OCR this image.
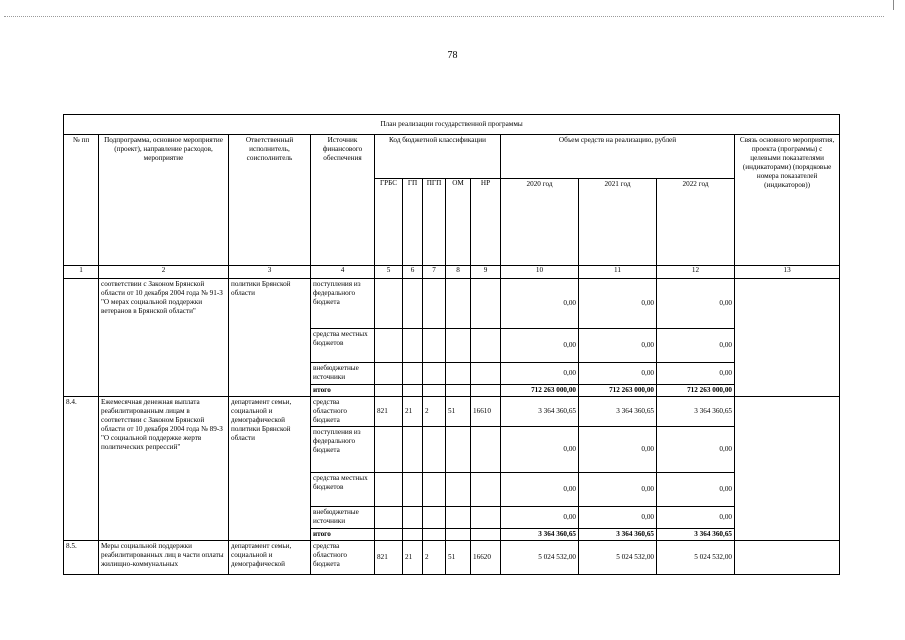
78
План реализации государственной программы												
№ пп	Подпрограмма, основное мероприятие (проект), направление расходов, мероприятие	Ответственный исполнитель, соисполнитель	Источник финансового обеспечения	Код бюджетной классификации					Объем средств на реализацию, рублей			Связь основного мероприятия, проекта (программы) с целевыми показателями (индикаторами) (порядковые номера показателей (индикаторов))
				ГРБС	ГП	ПГП	ОМ	НР	2020 год	2021 год	2022 год	
1	2	3	4	5	6	7	8	9	10	11	12	13
	соответствии с Законом Брянской области от 10 декабря 2004 года № 91-З "О мерах социальной поддержки ветеранов в Брянской области"	политики Брянской области	поступления из федерального бюджета						0,00	0,00	0,00	
			средства местных бюджетов						0,00	0,00	0,00	
			внебюджетные источники						0,00	0,00	0,00	
			итого						712 263 000,00	712 263 000,00	712 263 000,00	
8.4.	Ежемесячная денежная выплата реабилитированным лицам в соответствии с Законом Брянской области от 10 декабря 2004 года № 89-З "О социальной поддержке жертв политических репрессий"	департамент семьи, социальной и демографической политики Брянской области	средства областного бюджета	821	21	2	51	16610	3 364 360,65	3 364 360,65	3 364 360,65	
			поступления из федерального бюджета						0,00	0,00	0,00	
			средства местных бюджетов						0,00	0,00	0,00	
			внебюджетные источники						0,00	0,00	0,00	
			итого						3 364 360,65	3 364 360,65	3 364 360,65	
8.5.	Меры социальной поддержки реабилитированных лиц в части оплаты жилищно-коммунальных	департамент семьи, социальной и демографической	средства областного бюджета	821	21	2	51	16620	5 024 532,00	5 024 532,00	5 024 532,00	
